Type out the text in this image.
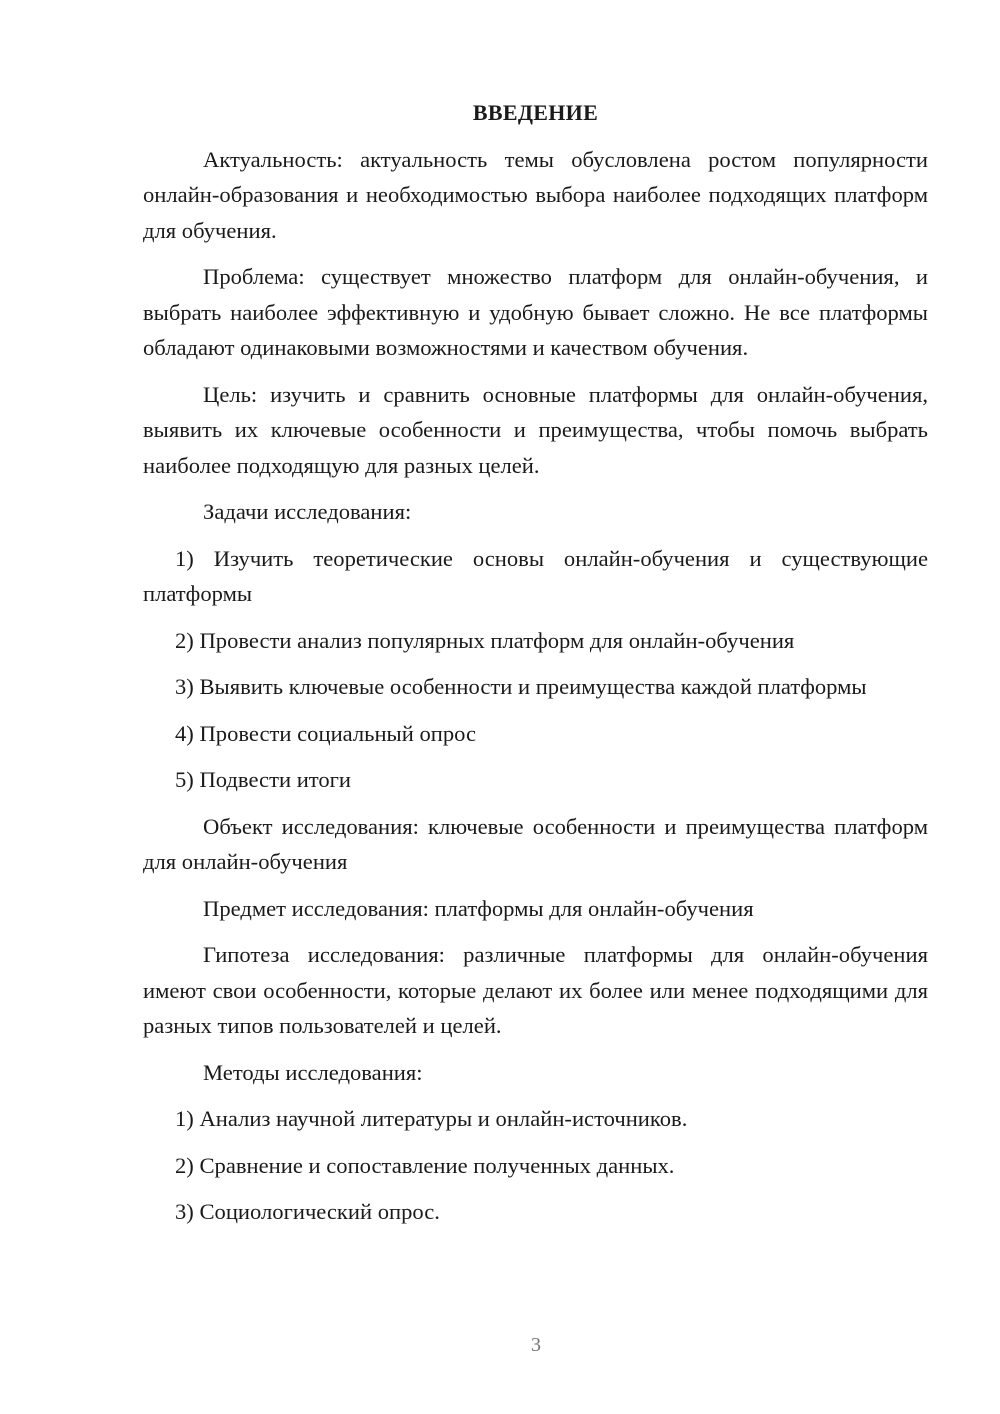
ВВЕДЕНИЕ

Актуальность: актуальность темы обусловлена ростом популярности онлайн-образования и необходимостью выбора наиболее подходящих платформ для обучения.

Проблема: существует множество платформ для онлайн-обучения, и выбрать наиболее эффективную и удобную бывает сложно. Не все платформы обладают одинаковыми возможностями и качеством обучения.

Цель: изучить и сравнить основные платформы для онлайн-обучения, выявить их ключевые особенности и преимущества, чтобы помочь выбрать наиболее подходящую для разных целей.

Задачи исследования:

1) Изучить теоретические основы онлайн-обучения и существующие платформы

2) Провести анализ популярных платформ для онлайн-обучения

3) Выявить ключевые особенности и преимущества каждой платформы

4) Провести социальный опрос

5) Подвести итоги

Объект исследования: ключевые особенности и преимущества платформ для онлайн-обучения

Предмет исследования: платформы для онлайн-обучения

Гипотеза исследования: различные платформы для онлайн-обучения имеют свои особенности, которые делают их более или менее подходящими для разных типов пользователей и целей.

Методы исследования:

1) Анализ научной литературы и онлайн-источников.

2) Сравнение и сопоставление полученных данных.

3) Социологический опрос.

3
